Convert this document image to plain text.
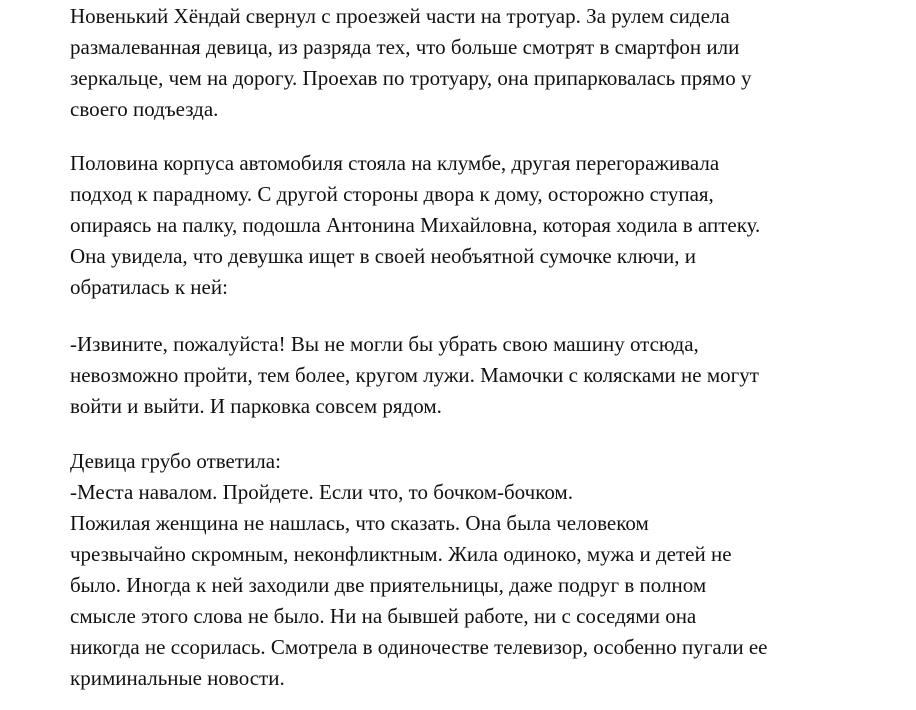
Новенький Хёндай свернул с проезжей части на тротуар. За рулем сидела
размалеванная девица, из разряда тех, что больше смотрят в смартфон или
зеркальце, чем на дорогу. Проехав по тротуару, она припарковалась прямо у
своего подъезда.
Половина корпуса автомобиля стояла на клумбе, другая перегораживала
подход к парадному. С другой стороны двора к дому, осторожно ступая,
опираясь на палку, подошла Антонина Михайловна, которая ходила в аптеку.
Она увидела, что девушка ищет в своей необъятной сумочке ключи, и
обратилась к ней:
-Извините, пожалуйста! Вы не могли бы убрать свою машину отсюда,
невозможно пройти, тем более, кругом лужи. Мамочки с колясками не могут
войти и выйти. И парковка совсем рядом.
Девица грубо ответила:
-Места навалом. Пройдете. Если что, то бочком-бочком.
Пожилая женщина не нашлась, что сказать. Она была человеком
чрезвычайно скромным, неконфликтным. Жила одиноко, мужа и детей не
было. Иногда к ней заходили две приятельницы, даже подруг в полном
смысле этого слова не было. Ни на бывшей работе, ни с соседями она
никогда не ссорилась. Смотрела в одиночестве телевизор, особенно пугали ее
криминальные новости.
